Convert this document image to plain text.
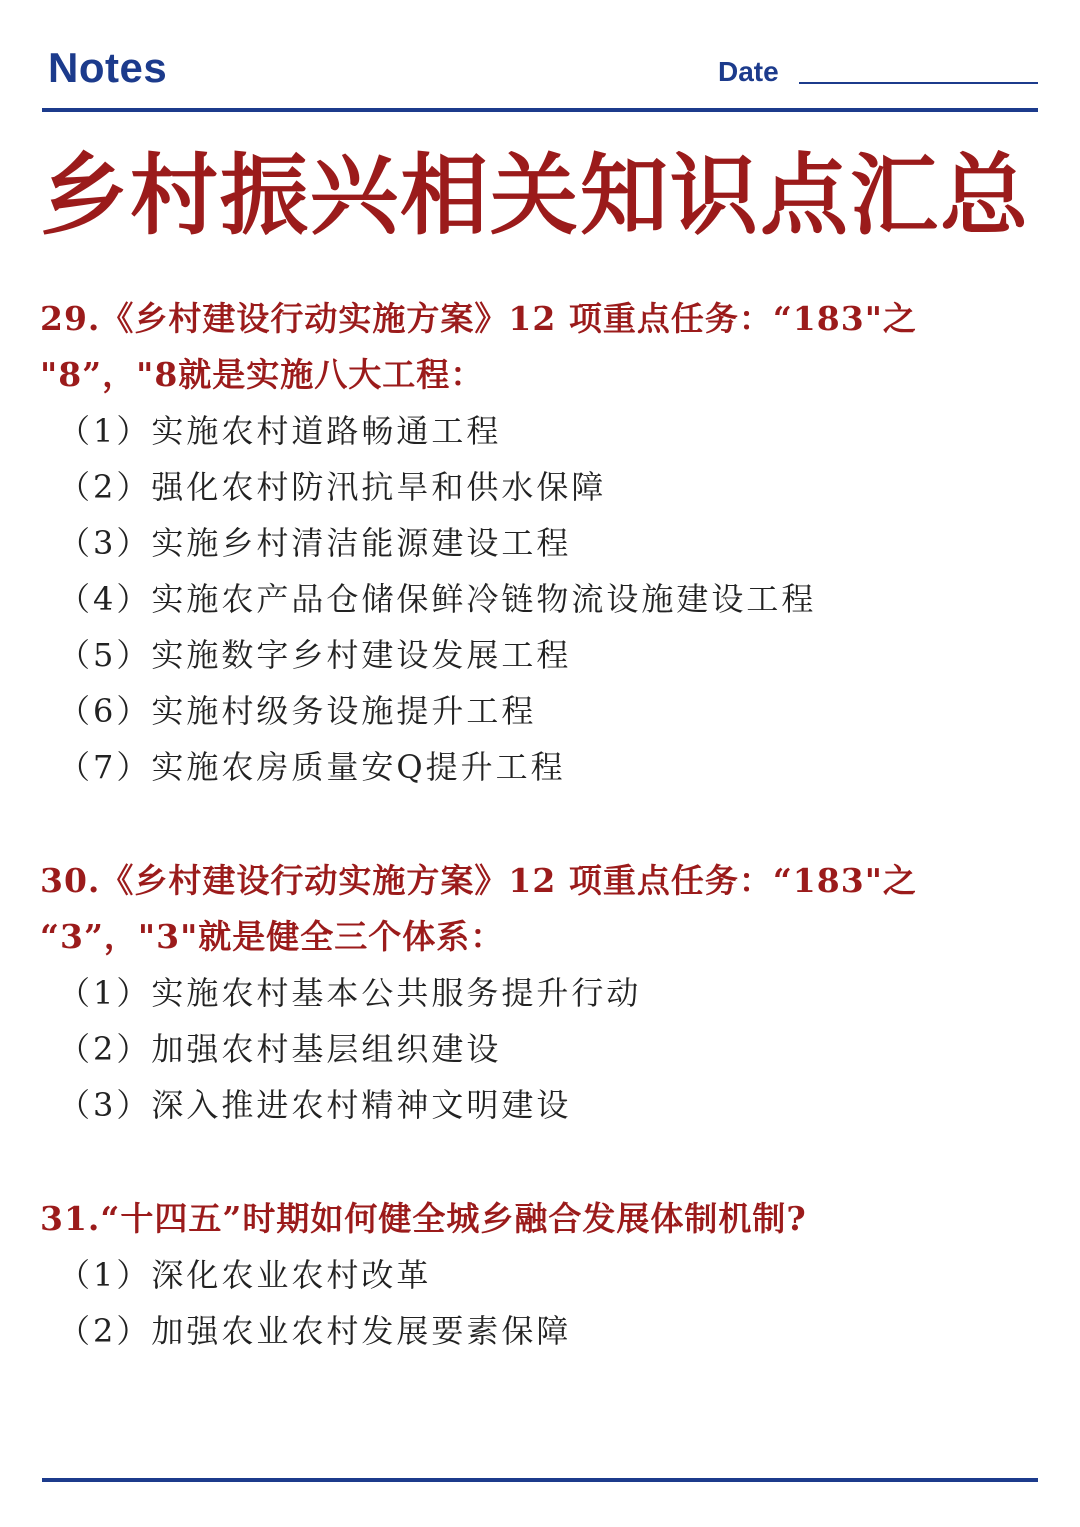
Notes	Date
乡村振兴相关知识点汇总
29.《乡村建设行动实施方案》12 项重点任务：“183"之
"8”，"8就是实施八大工程：
（1）实施农村道路畅通工程
（2）强化农村防汛抗旱和供水保障
（3）实施乡村清洁能源建设工程
（4）实施农产品仓储保鲜冷链物流设施建设工程
（5）实施数字乡村建设发展工程
（6）实施村级务设施提升工程
（7）实施农房质量安Q提升工程
30.《乡村建设行动实施方案》12 项重点任务：“183"之
“3”，"3"就是健全三个体系：
（1）实施农村基本公共服务提升行动
（2）加强农村基层组织建设
（3）深入推进农村精神文明建设
31.“十四五”时期如何健全城乡融合发展体制机制?
（1）深化农业农村改革
（2）加强农业农村发展要素保障
